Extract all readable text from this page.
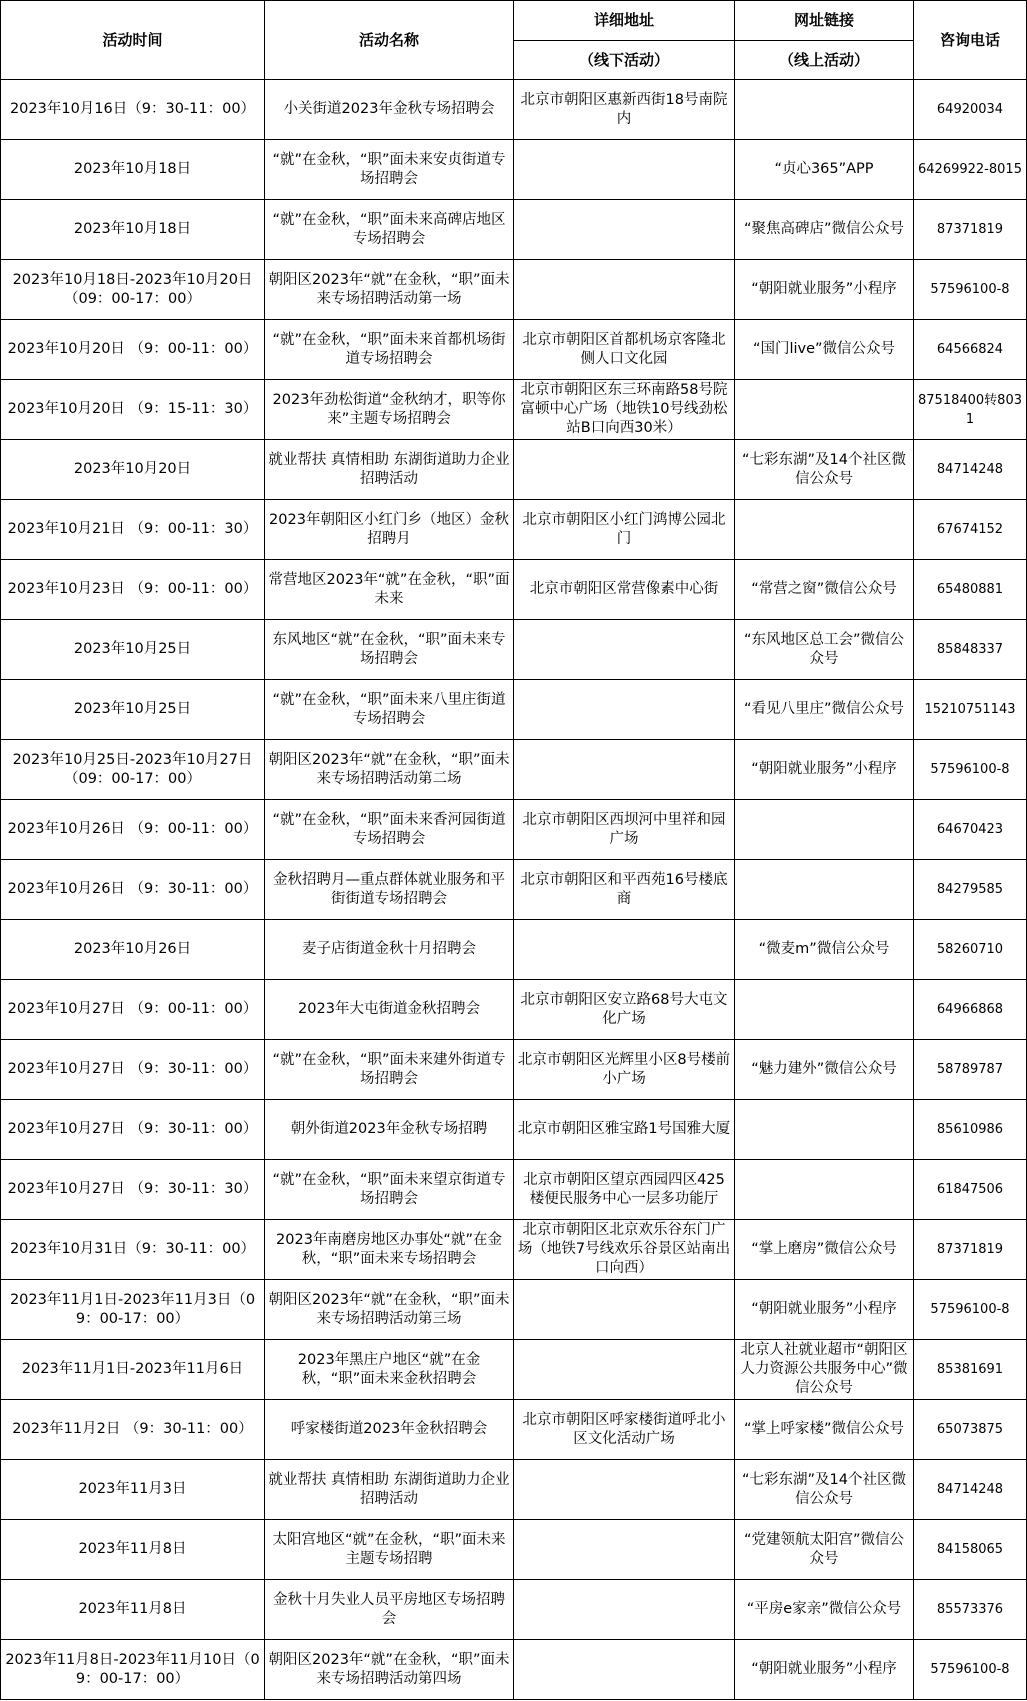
活动时间	活动名称	详细地址	网址链接	咨询电话
		（线下活动）	（线上活动）	
2023年10月16日（9：30-11：00）	小关街道2023年金秋专场招聘会	北京市朝阳区惠新西街18号南院内		64920034
2023年10月18日	“就”在金秋，“职”面未来安贞街道专场招聘会		“贞心365”APP	64269922-8015
2023年10月18日	“就”在金秋，“职”面未来高碑店地区专场招聘会		“聚焦高碑店”微信公众号	87371819
2023年10月18日-2023年10月20日（09：00-17：00）	朝阳区2023年“就”在金秋，“职”面未来专场招聘活动第一场		“朝阳就业服务”小程序	57596100-8
2023年10月20日 （9：00-11：00）	“就”在金秋，“职”面未来首都机场街道专场招聘会	北京市朝阳区首都机场京客隆北侧人口文化园	“国门live”微信公众号	64566824
2023年10月20日 （9：15-11：30）	2023年劲松街道“金秋纳才，职等你来”主题专场招聘会	北京市朝阳区东三环南路58号院富顿中心广场（地铁10号线劲松站B口向西30米）		87518400转8031
2023年10月20日	就业帮扶 真情相助 东湖街道助力企业招聘活动		“七彩东湖”及14个社区微信公众号	84714248
2023年10月21日 （9：00-11：30）	2023年朝阳区小红门乡（地区）金秋招聘月	北京市朝阳区小红门鸿博公园北门		67674152
2023年10月23日 （9：00-11：00）	常营地区2023年“就”在金秋，“职”面未来	北京市朝阳区常营像素中心街	“常营之窗”微信公众号	65480881
2023年10月25日	东风地区“就”在金秋，“职”面未来专场招聘会		“东风地区总工会”微信公众号	85848337
2023年10月25日	“就”在金秋，“职”面未来八里庄街道专场招聘会		“看见八里庄”微信公众号	15210751143
2023年10月25日-2023年10月27日（09：00-17：00）	朝阳区2023年“就”在金秋，“职”面未来专场招聘活动第二场		“朝阳就业服务”小程序	57596100-8
2023年10月26日 （9：00-11：00）	“就”在金秋，“职”面未来香河园街道专场招聘会	北京市朝阳区西坝河中里祥和园广场		64670423
2023年10月26日 （9：30-11：00）	金秋招聘月—重点群体就业服务和平街街道专场招聘会	北京市朝阳区和平西苑16号楼底商		84279585
2023年10月26日	麦子店街道金秋十月招聘会		“微麦m”微信公众号	58260710
2023年10月27日 （9：00-11：00）	2023年大屯街道金秋招聘会	北京市朝阳区安立路68号大屯文化广场		64966868
2023年10月27日 （9：30-11：00）	“就”在金秋，“职”面未来建外街道专场招聘会	北京市朝阳区光辉里小区8号楼前小广场	“魅力建外”微信公众号	58789787
2023年10月27日 （9：30-11：00）	朝外街道2023年金秋专场招聘	北京市朝阳区雅宝路1号国雅大厦		85610986
2023年10月27日 （9：30-11：30）	“就”在金秋，“职”面未来望京街道专场招聘会	北京市朝阳区望京西园四区425楼便民服务中心一层多功能厅		61847506
2023年10月31日（9：30-11：00）	2023年南磨房地区办事处“就”在金秋，“职”面未来专场招聘会	北京市朝阳区北京欢乐谷东门广场（地铁7号线欢乐谷景区站南出口向西）	“掌上磨房”微信公众号	87371819
2023年11月1日-2023年11月3日（09：00-17：00）	朝阳区2023年“就”在金秋，“职”面未来专场招聘活动第三场		“朝阳就业服务”小程序	57596100-8
2023年11月1日-2023年11月6日	2023年黑庄户地区“就”在金秋，“职”面未来金秋招聘会		北京人社就业超市“朝阳区人力资源公共服务中心”微信公众号	85381691
2023年11月2日 （9：30-11：00）	呼家楼街道2023年金秋招聘会	北京市朝阳区呼家楼街道呼北小区文化活动广场	“掌上呼家楼”微信公众号	65073875
2023年11月3日	就业帮扶 真情相助 东湖街道助力企业招聘活动		“七彩东湖”及14个社区微信公众号	84714248
2023年11月8日	太阳宫地区“就”在金秋，“职”面未来主题专场招聘		“党建领航太阳宫”微信公众号	84158065
2023年11月8日	金秋十月失业人员平房地区专场招聘会		“平房e家亲”微信公众号	85573376
2023年11月8日-2023年11月10日（09：00-17：00）	朝阳区2023年“就”在金秋，“职”面未来专场招聘活动第四场		“朝阳就业服务”小程序	57596100-8
